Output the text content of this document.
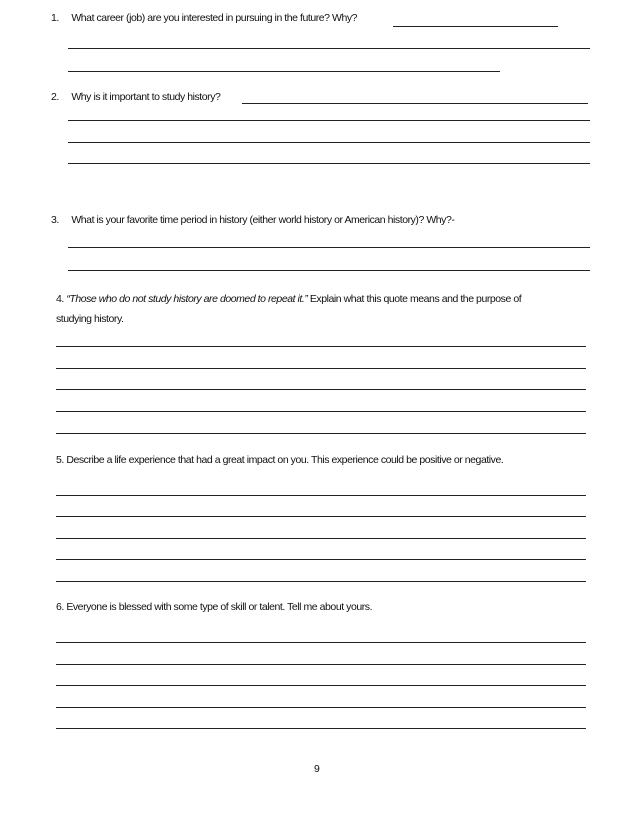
1. What career (job) are you interested in pursuing in the future? Why?
2. Why is it important to study history?
3. What is your favorite time period in history (either world history or American history)? Why?-
4. “Those who do not study history are doomed to repeat it.” Explain what this quote means and the purpose of
studying history.
5. Describe a life experience that had a great impact on you. This experience could be positive or negative.
6. Everyone is blessed with some type of skill or talent. Tell me about yours.
9
